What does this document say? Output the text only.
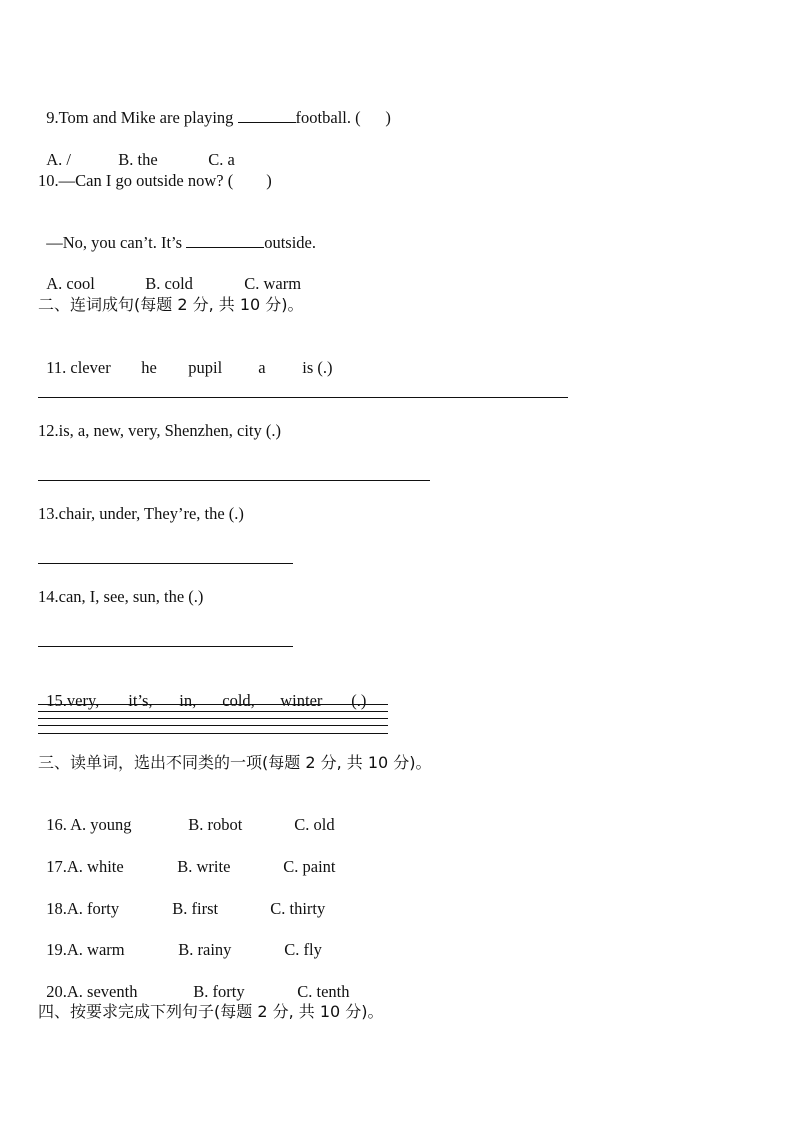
9.Tom and Mike are playing	football. (      )

A. /	B. the	C. a

10.—Can I go outside now? (        )

—No, you can’t. It’s	outside.

A. cool	B. cold	C. warm

二、连词成句(每题 2 分, 共 10 分)。

11. clever he pupil a is (.)

12.is, a, new, very, Shenzhen, city (.)
13.chair, under, They’re, the (.)
14.can, I, see, sun, the (.)

15.very, it’s, in, cold, winter (.)

三、读单词，选出不同类的一项(每题 2 分, 共 10 分)。

16. A. young	B. robot	C. old

17.A. white	B. write	C. paint

18.A. forty	B. first	C. thirty

19.A. warm	B. rainy	C. fly

20.A. seventh	B. forty	C. tenth

四、按要求完成下列句子(每题 2 分, 共 10 分)。
